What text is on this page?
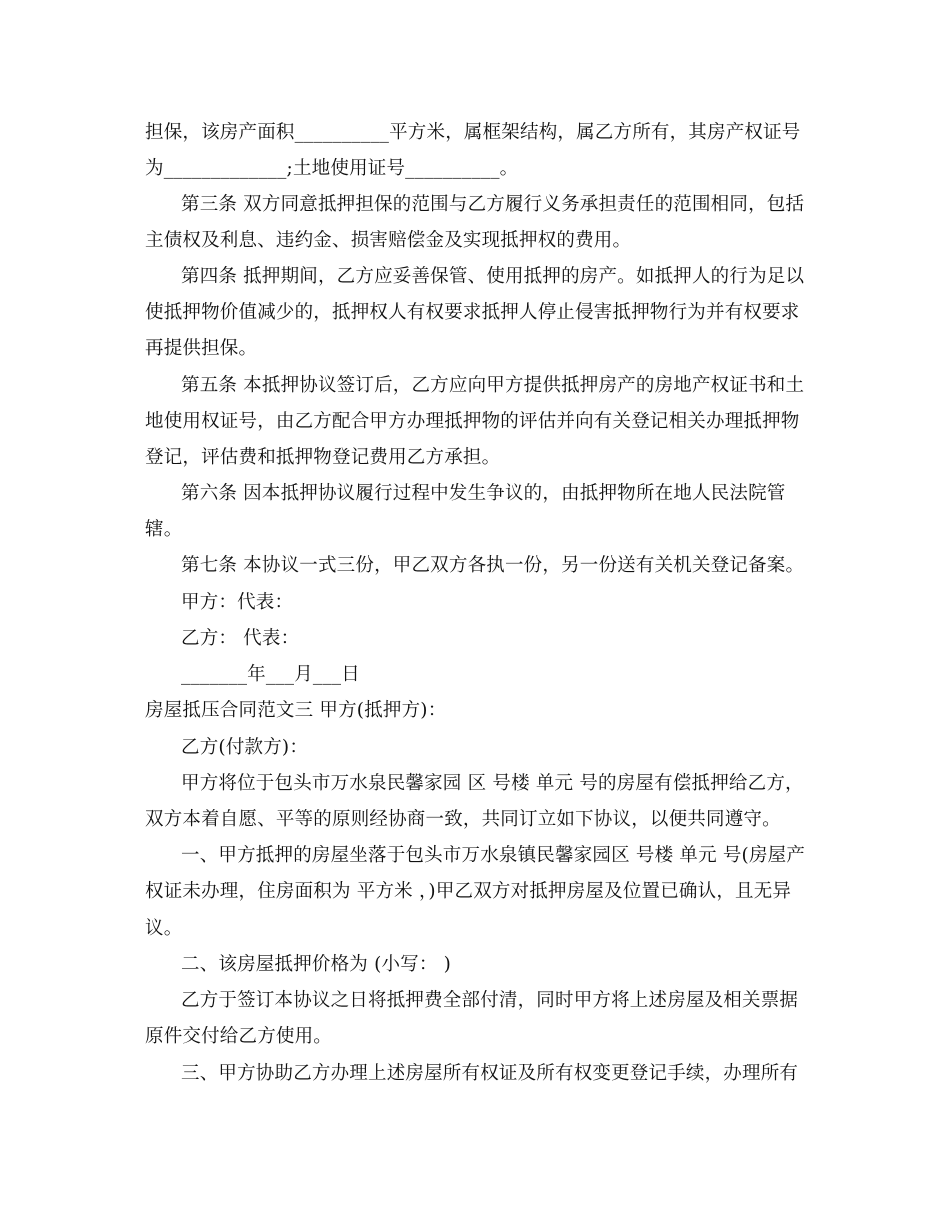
担保，该房产面积__________平方米，属框架结构，属乙方所有，其房产权证号
为_____________;土地使用证号__________。
第三条 双方同意抵押担保的范围与乙方履行义务承担责任的范围相同，包括
主债权及利息、违约金、损害赔偿金及实现抵押权的费用。
第四条 抵押期间，乙方应妥善保管、使用抵押的房产。如抵押人的行为足以
使抵押物价值减少的，抵押权人有权要求抵押人停止侵害抵押物行为并有权要求
再提供担保。
第五条 本抵押协议签订后，乙方应向甲方提供抵押房产的房地产权证书和土
地使用权证号，由乙方配合甲方办理抵押物的评估并向有关登记相关办理抵押物
登记，评估费和抵押物登记费用乙方承担。
第六条 因本抵押协议履行过程中发生争议的，由抵押物所在地人民法院管
辖。
第七条 本协议一式三份，甲乙双方各执一份，另一份送有关机关登记备案。
甲方：代表：
乙方： 代表：
_______年___月___日
房屋抵压合同范文三 甲方(抵押方)：
乙方(付款方)：
甲方将位于包头市万水泉民馨家园 区 号楼 单元 号的房屋有偿抵押给乙方，
双方本着自愿、平等的原则经协商一致，共同订立如下协议，以便共同遵守。
一、甲方抵押的房屋坐落于包头市万水泉镇民馨家园区 号楼 单元 号(房屋产
权证未办理，住房面积为 平方米 ，)甲乙双方对抵押房屋及位置已确认，且无异
议。
二、该房屋抵押价格为 (小写： )
乙方于签订本协议之日将抵押费全部付清，同时甲方将上述房屋及相关票据
原件交付给乙方使用。
三、甲方协助乙方办理上述房屋所有权证及所有权变更登记手续，办理所有
